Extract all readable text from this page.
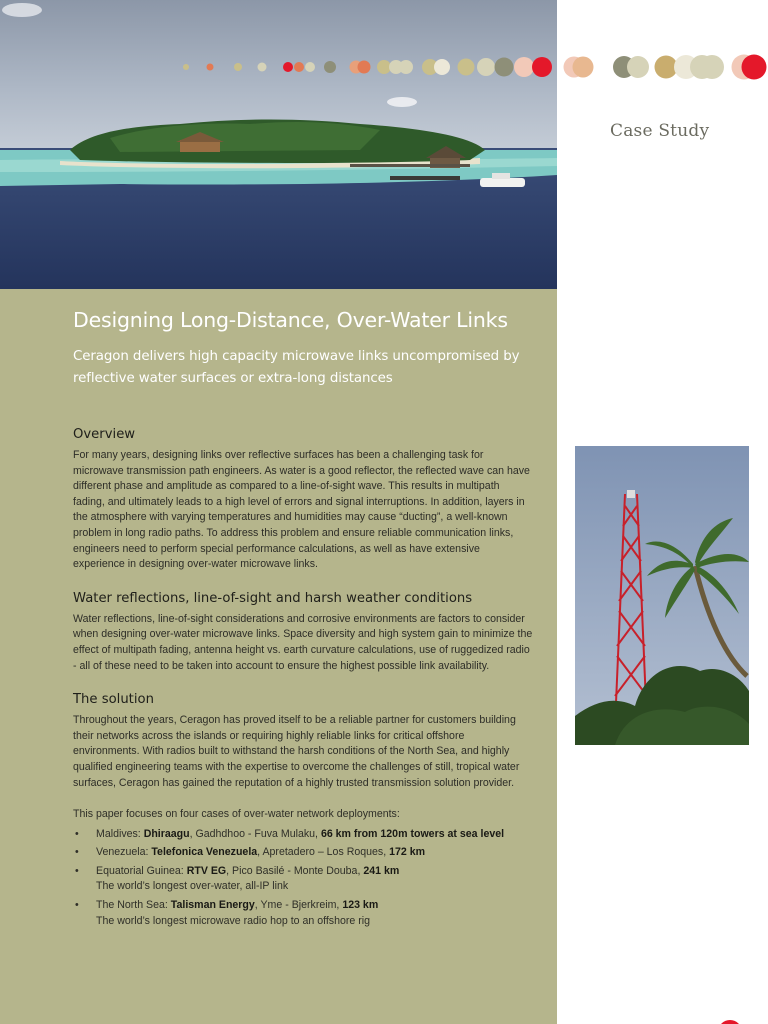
Case Study
Designing Long-Distance, Over-Water Links
Ceragon delivers high capacity microwave links uncompromised by
reflective water surfaces or extra-long distances
Overview

For many years, designing links over reflective surfaces has been a challenging task for microwave transmission path engineers. As water is a good reflector, the reflected wave can have different phase and amplitude as compared to a line-of-sight wave. This results in multipath fading, and ultimately leads to a high level of errors and signal interruptions. In addition, layers in the atmosphere with varying temperatures and humidities may cause “ducting”, a well-known problem in long radio paths. To address this problem and ensure reliable communication links, engineers need to perform special performance calculations, as well as have extensive experience in designing over-water microwave links.

Water reflections, line-of-sight and harsh weather conditions

Water reflections, line-of-sight considerations and corrosive environments are factors to consider when designing over-water microwave links. Space diversity and high system gain to minimize the effect of multipath fading, antenna height vs. earth curvature calculations, use of ruggedized radio - all of these need to be taken into account to ensure the highest possible link availability.

The solution

Throughout the years, Ceragon has proved itself to be a reliable partner for customers building their networks across the islands or requiring highly reliable links for critical offshore environments. With radios built to withstand the harsh conditions of the North Sea, and highly qualified engineering teams with the expertise to overcome the challenges of still, tropical water surfaces, Ceragon has gained the reputation of a highly trusted transmission solution provider.

This paper focuses on four cases of over-water network deployments:

• Maldives: Dhiraagu, Gadhdhoo - Fuva Mulaku, 66 km from 120m towers at sea level
• Venezuela: Telefonica Venezuela, Apretadero – Los Roques, 172 km
• Equatorial Guinea: RTV EG, Pico Basilé - Monte Douba, 241 km
The world’s longest over-water, all-IP link
• The North Sea: Talisman Energy, Yme - Bjerkreim, 123 km
The world’s longest microwave radio hop to an offshore rig
